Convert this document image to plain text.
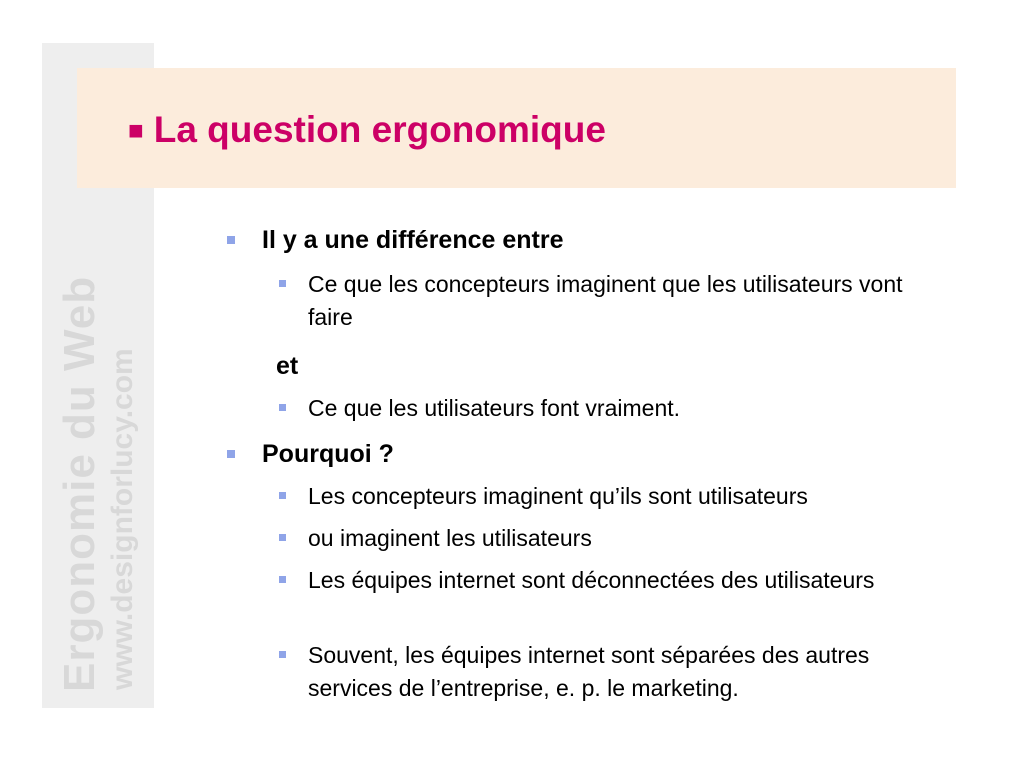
Ergonomie du Web www.designforlucy.com
■ La question ergonomique
Il y a une différence entre
Ce que les concepteurs imaginent que les utilisateurs vont faire
et
Ce que les utilisateurs font vraiment.
Pourquoi ?
Les concepteurs imaginent qu’ils sont utilisateurs
ou imaginent les utilisateurs
Les équipes internet sont déconnectées des utilisateurs
Souvent, les équipes internet sont séparées des autres services de l’entreprise, e. p. le marketing.
